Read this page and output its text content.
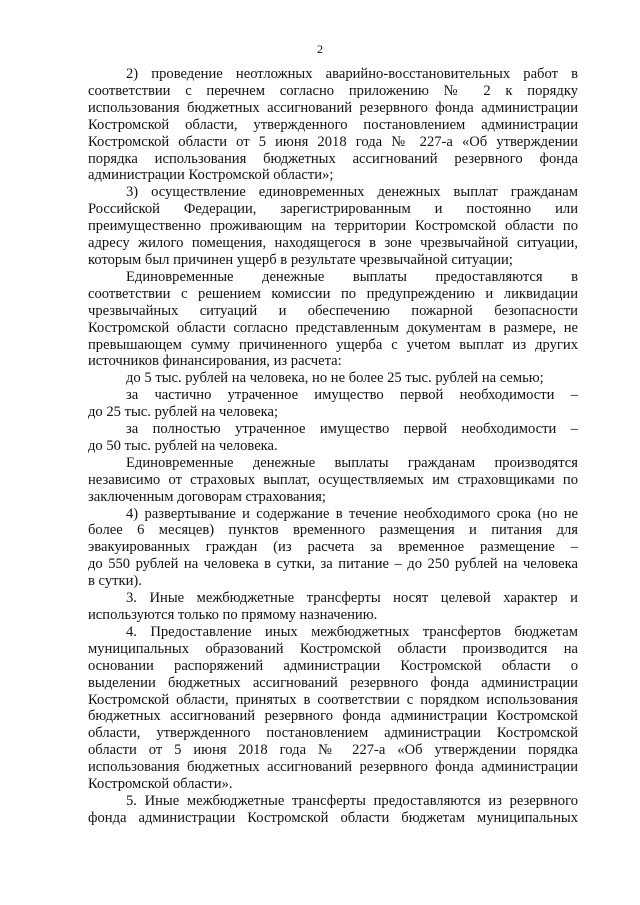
2
2) проведение неотложных аварийно-восстановительных работ в
соответствии с перечнем согласно приложению № 2 к порядку
использования бюджетных ассигнований резервного фонда администрации
Костромской области, утвержденного постановлением администрации
Костромской области от 5 июня 2018 года № 227-а «Об утверждении
порядка использования бюджетных ассигнований резервного фонда
администрации Костромской области»;
3) осуществление единовременных денежных выплат гражданам
Российской Федерации, зарегистрированным и постоянно или
преимущественно проживающим на территории Костромской области по
адресу жилого помещения, находящегося в зоне чрезвычайной ситуации,
которым был причинен ущерб в результате чрезвычайной ситуации;
Единовременные денежные выплаты предоставляются в
соответствии с решением комиссии по предупреждению и ликвидации
чрезвычайных ситуаций и обеспечению пожарной безопасности
Костромской области согласно представленным документам в размере, не
превышающем сумму причиненного ущерба с учетом выплат из других
источников финансирования, из расчета:
до 5 тыс. рублей на человека, но не более 25 тыс. рублей на семью;
за частично утраченное имущество первой необходимости –
до 25 тыс. рублей на человека;
за полностью утраченное имущество первой необходимости –
до 50 тыс. рублей на человека.
Единовременные денежные выплаты гражданам производятся
независимо от страховых выплат, осуществляемых им страховщиками по
заключенным договорам страхования;
4) развертывание и содержание в течение необходимого срока (но не
более 6 месяцев) пунктов временного размещения и питания для
эвакуированных граждан (из расчета за временное размещение –
до 550 рублей на человека в сутки, за питание – до 250 рублей на человека
в сутки).
3. Иные межбюджетные трансферты носят целевой характер и
используются только по прямому назначению.
4. Предоставление иных межбюджетных трансфертов бюджетам
муниципальных образований Костромской области производится на
основании распоряжений администрации Костромской области о
выделении бюджетных ассигнований резервного фонда администрации
Костромской области, принятых в соответствии с порядком использования
бюджетных ассигнований резервного фонда администрации Костромской
области, утвержденного постановлением администрации Костромской
области от 5 июня 2018 года № 227-а «Об утверждении порядка
использования бюджетных ассигнований резервного фонда администрации
Костромской области».
5. Иные межбюджетные трансферты предоставляются из резервного
фонда администрации Костромской области бюджетам муниципальных
